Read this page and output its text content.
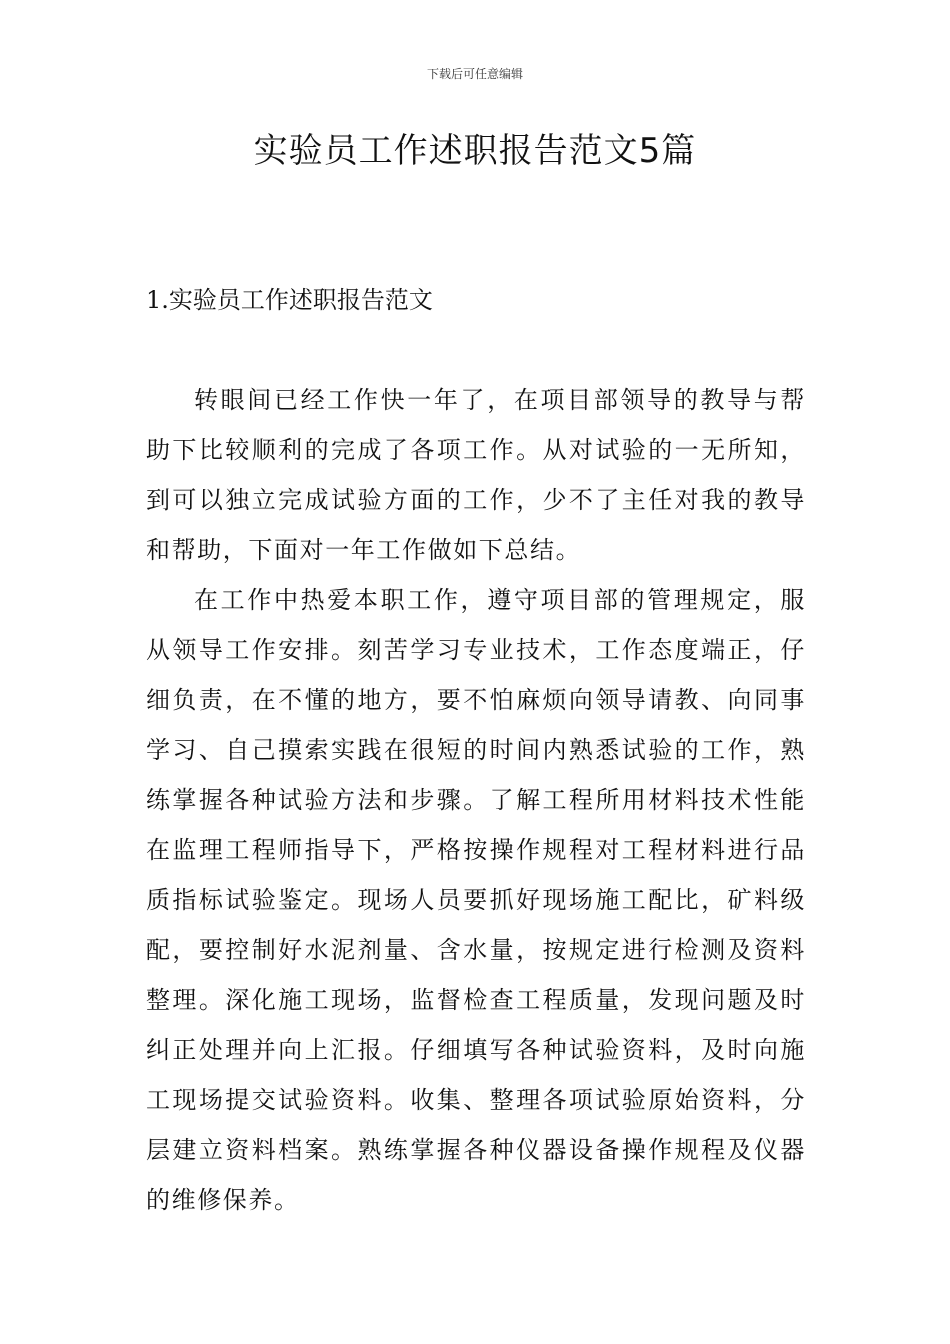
下载后可任意编辑
实验员工作述职报告范文5篇
1.实验员工作述职报告范文

转眼间已经工作快一年了，在项目部领导的教导与帮助下比较顺利的完成了各项工作。从对试验的一无所知，到可以独立完成试验方面的工作，少不了主任对我的教导和帮助，下面对一年工作做如下总结。

在工作中热爱本职工作，遵守项目部的管理规定，服从领导工作安排。刻苦学习专业技术，工作态度端正，仔细负责，在不懂的地方，要不怕麻烦向领导请教、向同事学习、自己摸索实践在很短的时间内熟悉试验的工作，熟练掌握各种试验方法和步骤。了解工程所用材料技术性能在监理工程师指导下，严格按操作规程对工程材料进行品质指标试验鉴定。现场人员要抓好现场施工配比，矿料级配，要控制好水泥剂量、含水量，按规定进行检测及资料整理。深化施工现场，监督检查工程质量，发现问题及时纠正处理并向上汇报。仔细填写各种试验资料，及时向施工现场提交试验资料。收集、整理各项试验原始资料，分层建立资料档案。熟练掌握各种仪器设备操作规程及仪器的维修保养。
